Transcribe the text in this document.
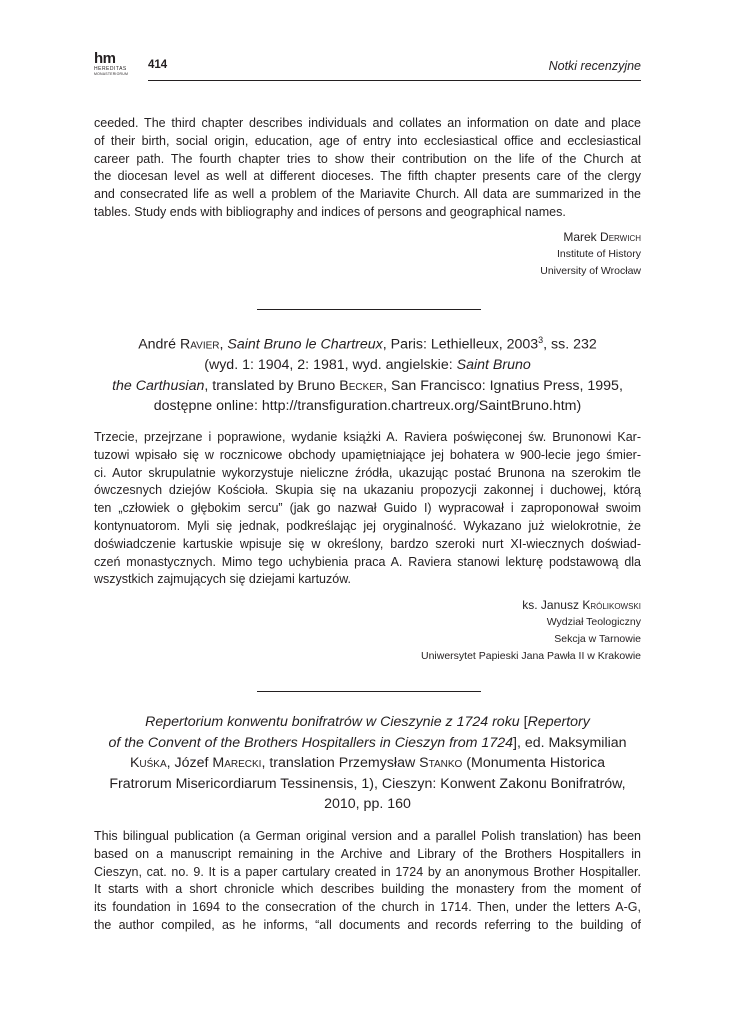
hm
HEREDITAS
MONASTERIORUM
414	Notki recenzyjne

ceeded. The third chapter describes individuals and collates an information on date and place
of their birth, social origin, education, age of entry into ecclesiastical office and ecclesiastical
career path. The fourth chapter tries to show their contribution on the life of the Church at
the diocesan level as well at different dioceses. The fifth chapter presents care of the clergy
and consecrated life as well a problem of the Mariavite Church. All data are summarized in the
tables. Study ends with bibliography and indices of persons and geographical names.

Marek Derwich
Institute of History
University of Wrocław
André Ravier, Saint Bruno le Chartreux, Paris: Lethielleux, 2003$^3$, ss. 232
(wyd. 1: 1904, 2: 1981, wyd. angielskie: Saint Bruno
the Carthusian, translated by Bruno Becker, San Francisco: Ignatius Press, 1995,
dostępne online: http://transfiguration.chartreux.org/SaintBruno.htm)

Trzecie, przejrzane i poprawione, wydanie książki A. Raviera poświęconej św. Brunonowi Kar-
tuzowi wpisało się w rocznicowe obchody upamiętniające jej bohatera w 900-lecie jego śmier-
ci. Autor skrupulatnie wykorzystuje nieliczne źródła, ukazując postać Brunona na szerokim tle
ówczesnych dziejów Kościoła. Skupia się na ukazaniu propozycji zakonnej i duchowej, którą
ten „człowiek o głębokim sercu” (jak go nazwał Guido I) wypracował i zaproponował swoim
kontynuatorom. Myli się jednak, podkreślając jej oryginalność. Wykazano już wielokrotnie, że
doświadczenie kartuskie wpisuje się w określony, bardzo szeroki nurt XI-wiecznych doświad-
czeń monastycznych. Mimo tego uchybienia praca A. Raviera stanowi lekturę podstawową dla
wszystkich zajmujących się dziejami kartuzów.

ks. Janusz Królikowski
Wydział Teologiczny
Sekcja w Tarnowie
Uniwersytet Papieski Jana Pawła II w Krakowie
Repertorium konwentu bonifratrów w Cieszynie z 1724 roku [Repertory
of the Convent of the Brothers Hospitallers in Cieszyn from 1724], ed. Maksymilian
Kuśka, Józef Marecki, translation Przemysław Stanko (Monumenta Historica
Fratrorum Misericordiarum Tessinensis, 1), Cieszyn: Konwent Zakonu Bonifratrów,
2010, pp. 160

This bilingual publication (a German original version and a parallel Polish translation) has been
based on a manuscript remaining in the Archive and Library of the Brothers Hospitallers in
Cieszyn, cat. no. 9. It is a paper cartulary created in 1724 by an anonymous Brother Hospitaller.
It starts with a short chronicle which describes building the monastery from the moment of
its foundation in 1694 to the consecration of the church in 1714. Then, under the letters A-G,
the author compiled, as he informs, “all documents and records referring to the building of
